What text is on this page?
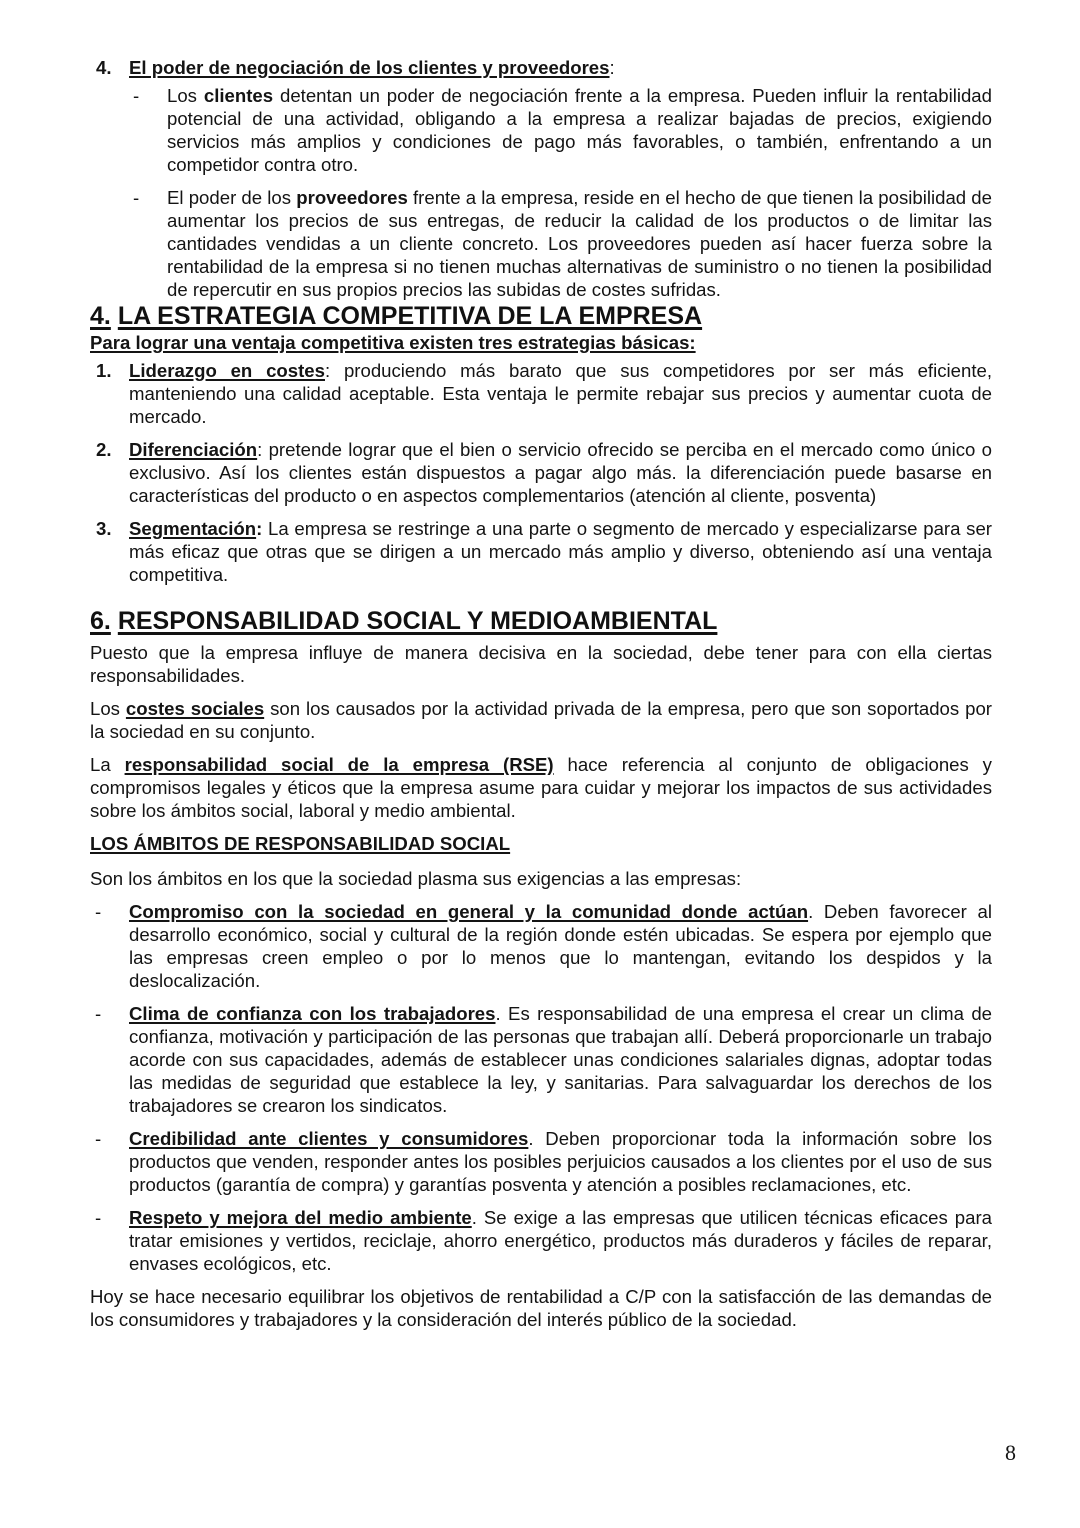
4. El poder de negociación de los clientes y proveedores:

- Los clientes detentan un poder de negociación frente a la empresa. Pueden influir la rentabilidad potencial de una actividad, obligando a la empresa a realizar bajadas de precios, exigiendo servicios más amplios y condiciones de pago más favorables, o también, enfrentando a un competidor contra otro.

- El poder de los proveedores frente a la empresa, reside en el hecho de que tienen la posibilidad de aumentar los precios de sus entregas, de reducir la calidad de los productos o de limitar las cantidades vendidas a un cliente concreto. Los proveedores pueden así hacer fuerza sobre la rentabilidad de la empresa si no tienen muchas alternativas de suministro o no tienen la posibilidad de repercutir en sus propios precios las subidas de costes sufridas.

4. LA ESTRATEGIA COMPETITIVA DE LA EMPRESA
Para lograr una ventaja competitiva existen tres estrategias básicas:
1. Liderazgo en costes: produciendo más barato que sus competidores por ser más eficiente, manteniendo una calidad aceptable. Esta ventaja le permite rebajar sus precios y aumentar cuota de mercado.

2. Diferenciación: pretende lograr que el bien o servicio ofrecido se perciba en el mercado como único o exclusivo. Así los clientes están dispuestos a pagar algo más. la diferenciación puede basarse en características del producto o en aspectos complementarios (atención al cliente, posventa)

3. Segmentación: La empresa se restringe a una parte o segmento de mercado y especializarse para ser más eficaz que otras que se dirigen a un mercado más amplio y diverso, obteniendo así una ventaja competitiva.

6. RESPONSABILIDAD SOCIAL Y MEDIOAMBIENTAL

Puesto que la empresa influye de manera decisiva en la sociedad, debe tener para con ella ciertas responsabilidades.

Los costes sociales son los causados por la actividad privada de la empresa, pero que son soportados por la sociedad en su conjunto.

La responsabilidad social de la empresa (RSE) hace referencia al conjunto de obligaciones y compromisos legales y éticos que la empresa asume para cuidar y mejorar los impactos de sus actividades sobre los ámbitos social, laboral y medio ambiental.

LOS ÁMBITOS DE RESPONSABILIDAD SOCIAL

Son los ámbitos en los que la sociedad plasma sus exigencias a las empresas:

- Compromiso con la sociedad en general y la comunidad donde actúan. Deben favorecer al desarrollo económico, social y cultural de la región donde estén ubicadas. Se espera por ejemplo que las empresas creen empleo o por lo menos que lo mantengan, evitando los despidos y la deslocalización.

- Clima de confianza con los trabajadores. Es responsabilidad de una empresa el crear un clima de confianza, motivación y participación de las personas que trabajan allí. Deberá proporcionarle un trabajo acorde con sus capacidades, además de establecer unas condiciones salariales dignas, adoptar todas las medidas de seguridad que establece la ley, y sanitarias. Para salvaguardar los derechos de los trabajadores se crearon los sindicatos.

- Credibilidad ante clientes y consumidores. Deben proporcionar toda la información sobre los productos que venden, responder antes los posibles perjuicios causados a los clientes por el uso de sus productos (garantía de compra) y garantías posventa y atención a posibles reclamaciones, etc.

- Respeto y mejora del medio ambiente. Se exige a las empresas que utilicen técnicas eficaces para tratar emisiones y vertidos, reciclaje, ahorro energético, productos más duraderos y fáciles de reparar, envases ecológicos, etc.

Hoy se hace necesario equilibrar los objetivos de rentabilidad a C/P con la satisfacción de las demandas de los consumidores y trabajadores y la consideración del interés público de la sociedad.

8
